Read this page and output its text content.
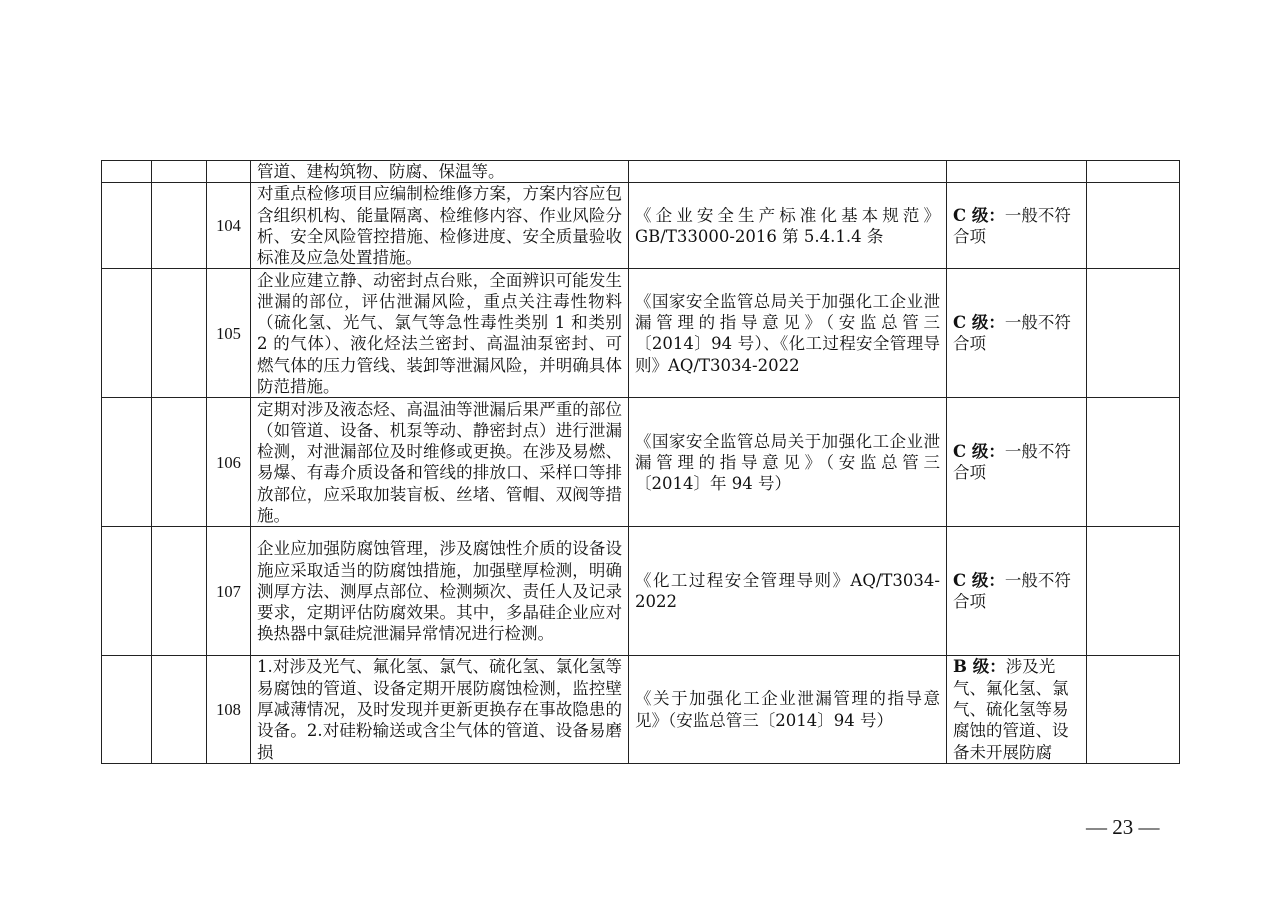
			管道、建构筑物、防腐、保温等。			
		104	对重点检修项目应编制检维修方案，方案内容应包含组织机构、能量隔离、检维修内容、作业风险分析、安全风险管控措施、检修进度、安全质量验收标准及应急处置措施。	《企业安全生产标准化基本规范》GB/T33000-2016 第 5.4.1.4 条	C 级：一般不符合项	
		105	企业应建立静、动密封点台账，全面辨识可能发生泄漏的部位，评估泄漏风险，重点关注毒性物料（硫化氢、光气、氯气等急性毒性类别 1 和类别 2 的气体）、液化烃法兰密封、高温油泵密封、可燃气体的压力管线、装卸等泄漏风险，并明确具体防范措施。	《国家安全监管总局关于加强化工企业泄漏管理的指导意见》（安监总管三〔2014〕94 号）、《化工过程安全管理导则》AQ/T3034-2022	C 级：一般不符合项	
		106	定期对涉及液态烃、高温油等泄漏后果严重的部位（如管道、设备、机泵等动、静密封点）进行泄漏检测，对泄漏部位及时维修或更换。在涉及易燃、易爆、有毒介质设备和管线的排放口、采样口等排放部位，应采取加装盲板、丝堵、管帽、双阀等措施。	《国家安全监管总局关于加强化工企业泄漏管理的指导意见》（安监总管三〔2014〕年 94 号）	C 级：一般不符合项	
		107	企业应加强防腐蚀管理，涉及腐蚀性介质的设备设施应采取适当的防腐蚀措施，加强壁厚检测，明确测厚方法、测厚点部位、检测频次、责任人及记录要求，定期评估防腐效果。其中，多晶硅企业应对换热器中氯硅烷泄漏异常情况进行检测。	《化工过程安全管理导则》AQ/T3034-2022	C 级：一般不符合项	
		108	1.对涉及光气、氟化氢、氯气、硫化氢、氯化氢等易腐蚀的管道、设备定期开展防腐蚀检测，监控壁厚减薄情况，及时发现并更新更换存在事故隐患的设备。2.对硅粉输送或含尘气体的管道、设备易磨损	《关于加强化工企业泄漏管理的指导意见》（安监总管三〔2014〕94 号）	B 级：涉及光气、氟化氢、氯气、硫化氢等易腐蚀的管道、设备未开展防腐	
— 23 —
